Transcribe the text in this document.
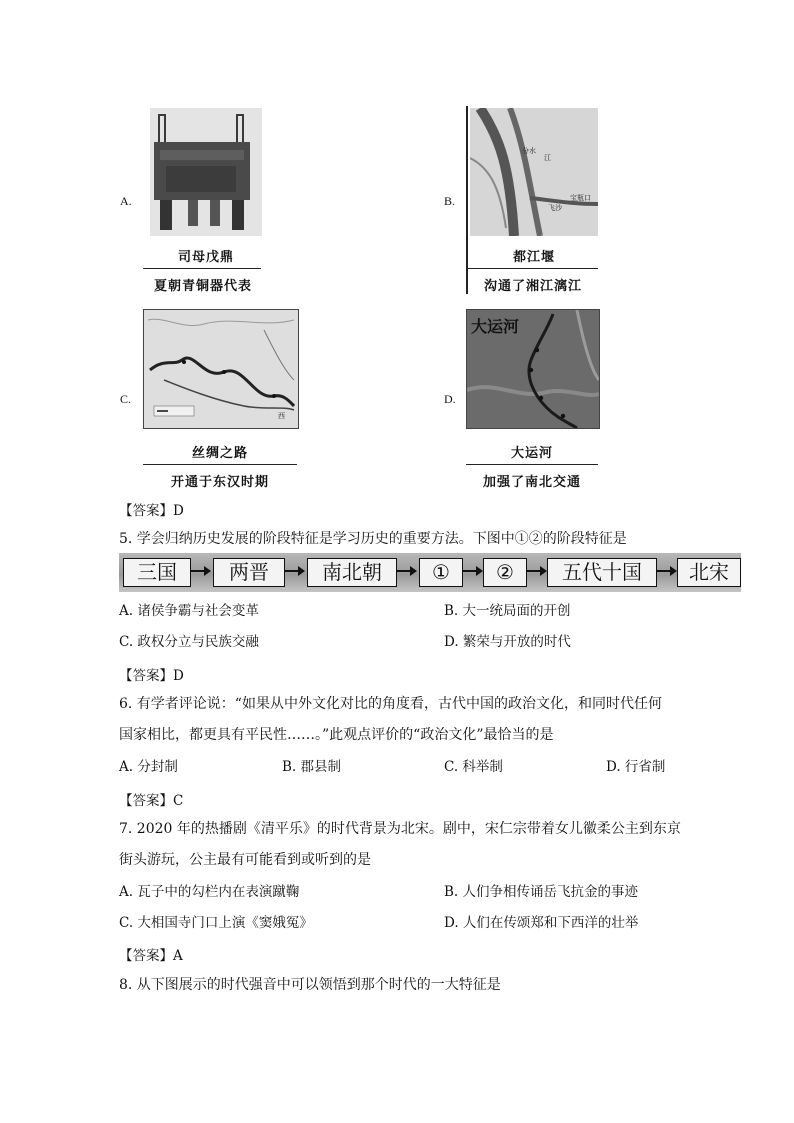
A.
司母戊鼎
夏朝青铜器代表
B.
分水
江
宝瓶口
飞沙
都江堰
沟通了湘江漓江
C.
西
丝绸之路
开通于东汉时期
D.
大运河
大运河
加强了南北交通
【答案】D
5. 学会归纳历史发展的阶段特征是学习历史的重要方法。下图中①②的阶段特征是
三国	两晋	南北朝	①	②	五代十国	北宋
A. 诸侯争霸与社会变革	B. 大一统局面的开创
C. 政权分立与民族交融	D. 繁荣与开放的时代
【答案】D
6. 有学者评论说：“如果从中外文化对比的角度看，古代中国的政治文化，和同时代任何
国家相比，都更具有平民性……。”此观点评价的“政治文化”最恰当的是
A. 分封制	B. 郡县制	C. 科举制	D. 行省制
【答案】C
7. 2020 年的热播剧《清平乐》的时代背景为北宋。剧中，宋仁宗带着女儿徽柔公主到东京
街头游玩，公主最有可能看到或听到的是
A. 瓦子中的勾栏内在表演蹴鞠	B. 人们争相传诵岳飞抗金的事迹
C. 大相国寺门口上演《窦娥冤》	D. 人们在传颂郑和下西洋的壮举
【答案】A
8. 从下图展示的时代强音中可以领悟到那个时代的一大特征是
